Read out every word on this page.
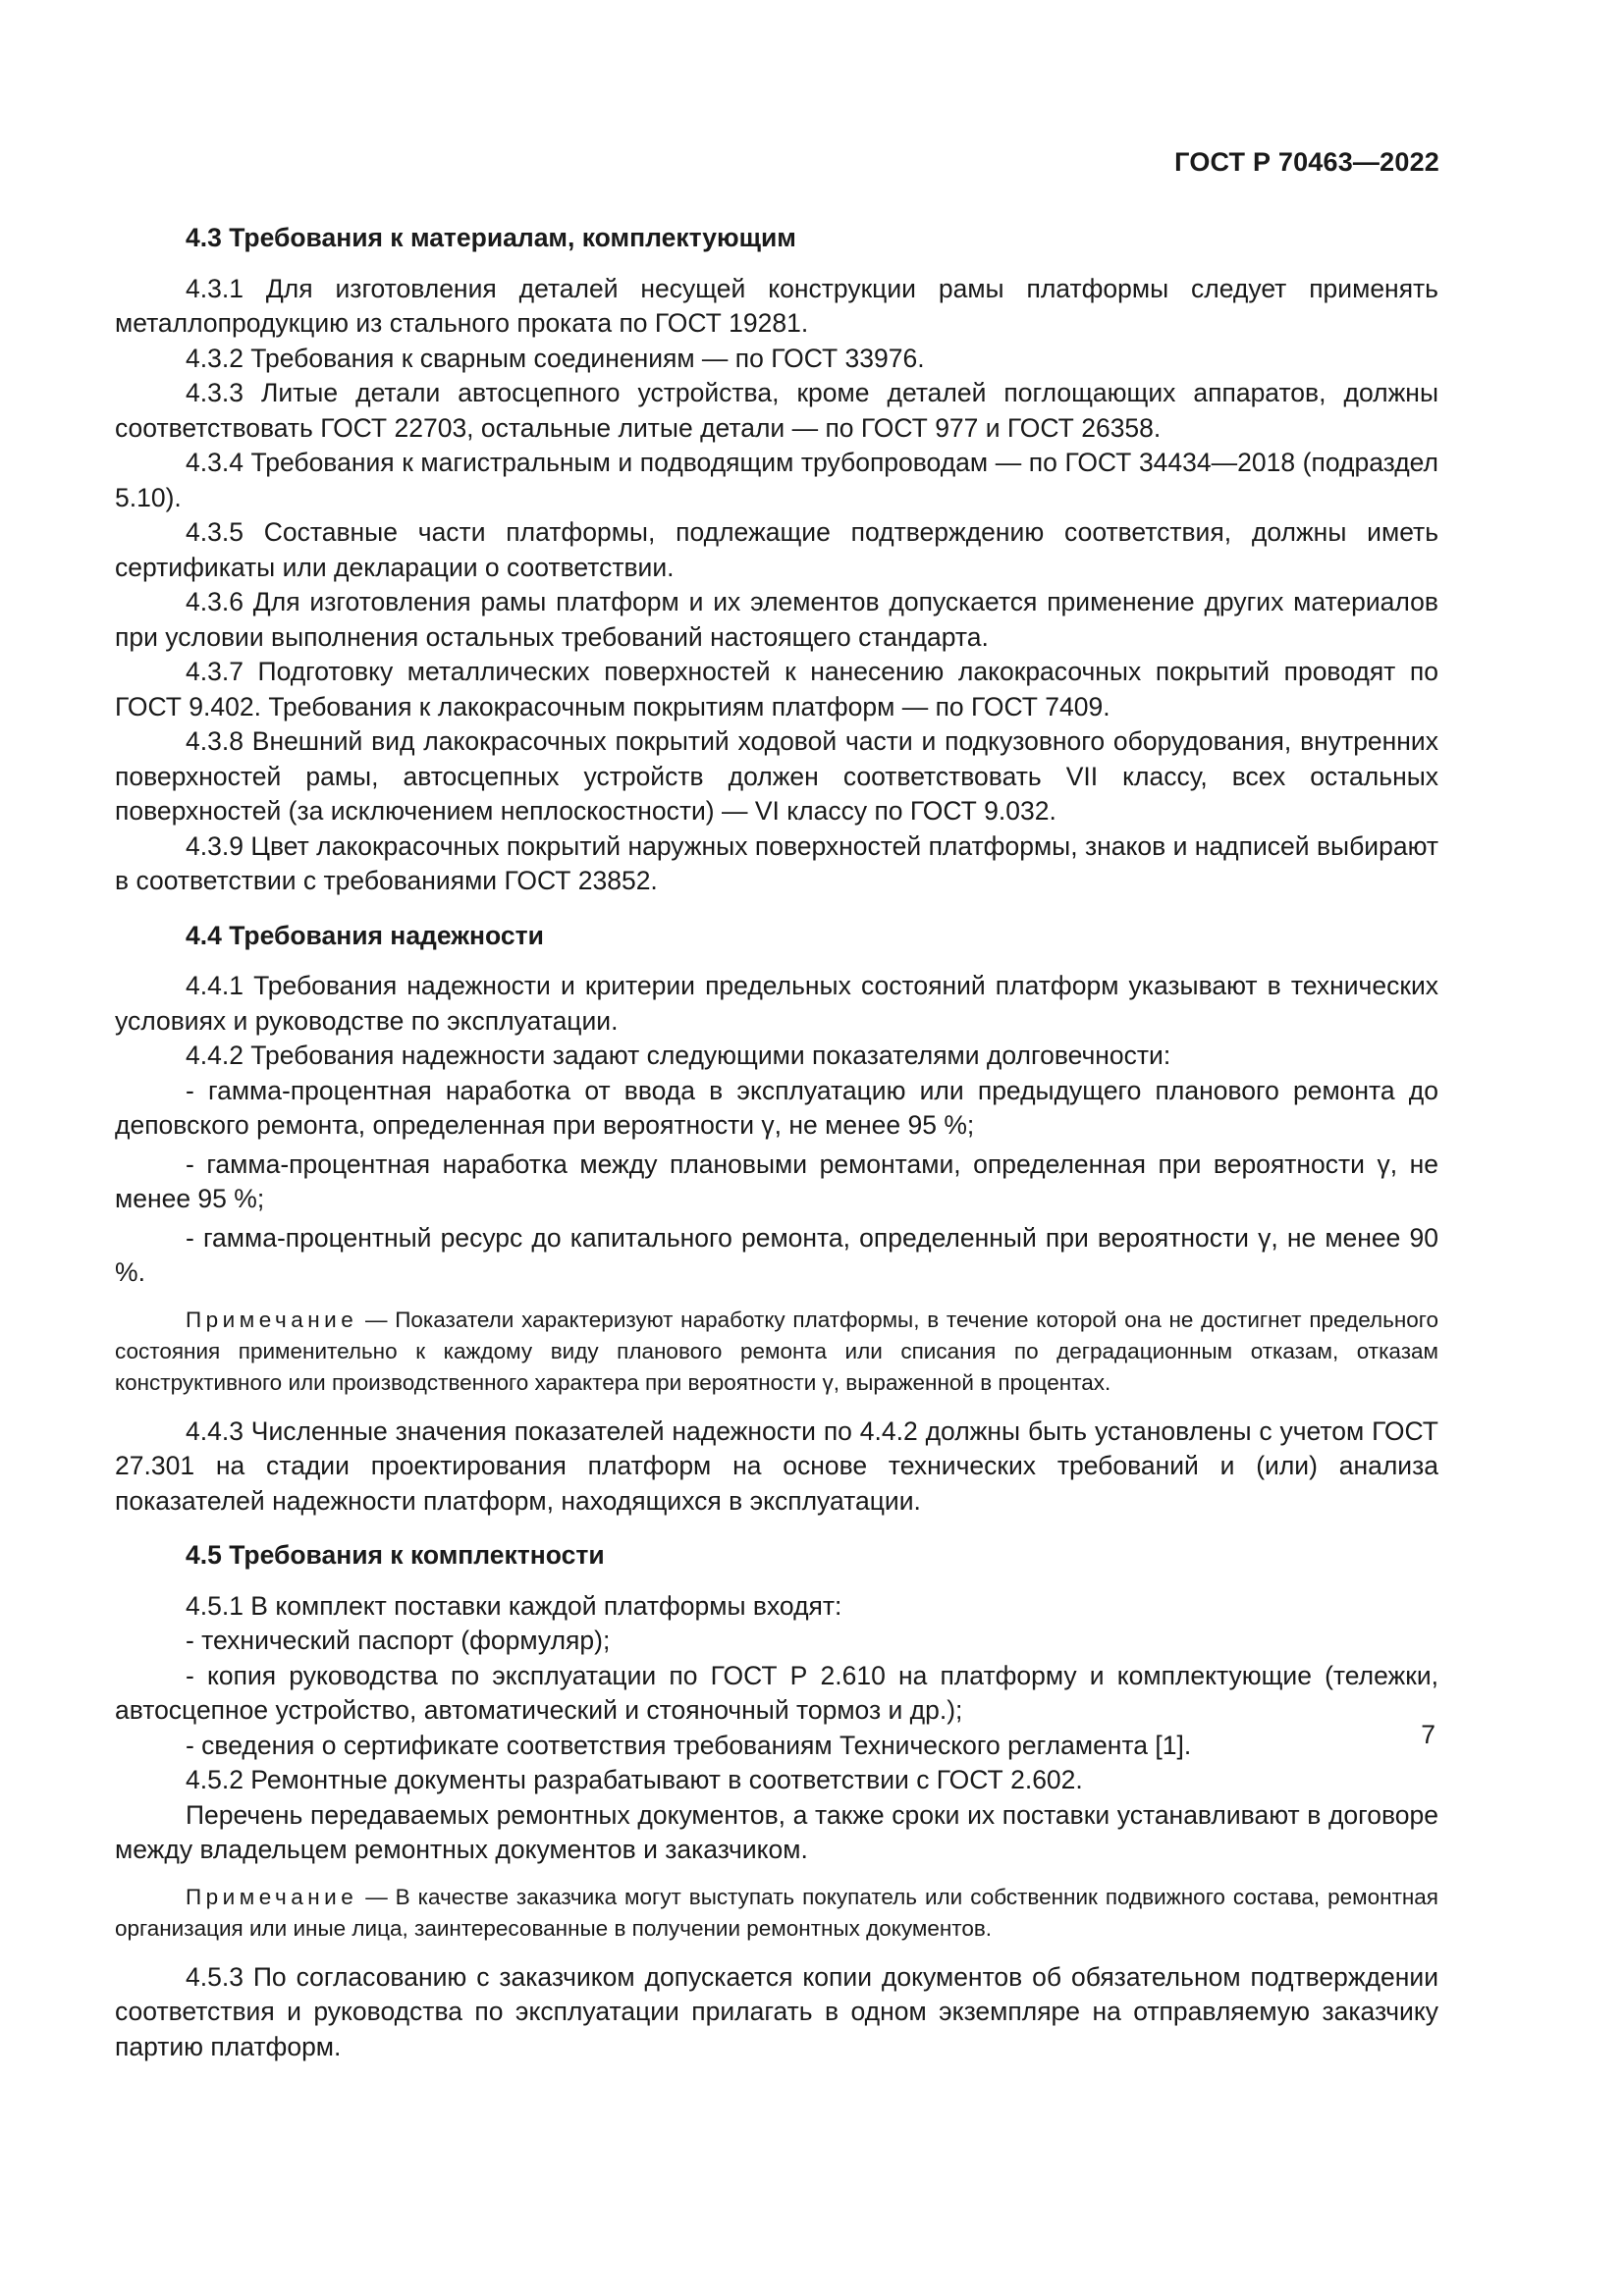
ГОСТ Р 70463—2022
4.3 Требования к материалам, комплектующим

4.3.1 Для изготовления деталей несущей конструкции рамы платформы следует применять металлопродукцию из стального проката по ГОСТ 19281.

4.3.2 Требования к сварным соединениям — по ГОСТ 33976.

4.3.3 Литые детали автосцепного устройства, кроме деталей поглощающих аппаратов, должны соответствовать ГОСТ 22703, остальные литые детали — по ГОСТ 977 и ГОСТ 26358.

4.3.4 Требования к магистральным и подводящим трубопроводам — по ГОСТ 34434—2018 (подраздел 5.10).

4.3.5 Составные части платформы, подлежащие подтверждению соответствия, должны иметь сертификаты или декларации о соответствии.

4.3.6 Для изготовления рамы платформ и их элементов допускается применение других материалов при условии выполнения остальных требований настоящего стандарта.

4.3.7 Подготовку металлических поверхностей к нанесению лакокрасочных покрытий проводят по ГОСТ 9.402. Требования к лакокрасочным покрытиям платформ — по ГОСТ 7409.

4.3.8 Внешний вид лакокрасочных покрытий ходовой части и подкузовного оборудования, внутренних поверхностей рамы, автосцепных устройств должен соответствовать VII классу, всех остальных поверхностей (за исключением неплоскостности) — VI классу по ГОСТ 9.032.

4.3.9 Цвет лакокрасочных покрытий наружных поверхностей платформы, знаков и надписей выбирают в соответствии с требованиями ГОСТ 23852.

4.4 Требования надежности

4.4.1 Требования надежности и критерии предельных состояний платформ указывают в технических условиях и руководстве по эксплуатации.

4.4.2 Требования надежности задают следующими показателями долговечности:

- гамма-процентная наработка от ввода в эксплуатацию или предыдущего планового ремонта до деповского ремонта, определенная при вероятности γ, не менее 95 %;

- гамма-процентная наработка между плановыми ремонтами, определенная при вероятности γ, не менее 95 %;

- гамма-процентный ресурс до капитального ремонта, определенный при вероятности γ, не менее 90 %.

Примечание — Показатели характеризуют наработку платформы, в течение которой она не достигнет предельного состояния применительно к каждому виду планового ремонта или списания по деградационным отказам, отказам конструктивного или производственного характера при вероятности γ, выраженной в процентах.

4.4.3 Численные значения показателей надежности по 4.4.2 должны быть установлены с учетом ГОСТ 27.301 на стадии проектирования платформ на основе технических требований и (или) анализа показателей надежности платформ, находящихся в эксплуатации.

4.5 Требования к комплектности

4.5.1 В комплект поставки каждой платформы входят:

- технический паспорт (формуляр);

- копия руководства по эксплуатации по ГОСТ Р 2.610 на платформу и комплектующие (тележки, автосцепное устройство, автоматический и стояночный тормоз и др.);

- сведения о сертификате соответствия требованиям Технического регламента [1].

4.5.2 Ремонтные документы разрабатывают в соответствии с ГОСТ 2.602.

Перечень передаваемых ремонтных документов, а также сроки их поставки устанавливают в договоре между владельцем ремонтных документов и заказчиком.

Примечание — В качестве заказчика могут выступать покупатель или собственник подвижного состава, ремонтная организация или иные лица, заинтересованные в получении ремонтных документов.

4.5.3 По согласованию с заказчиком допускается копии документов об обязательном подтверждении соответствия и руководства по эксплуатации прилагать в одном экземпляре на отправляемую заказчику партию платформ.

7
